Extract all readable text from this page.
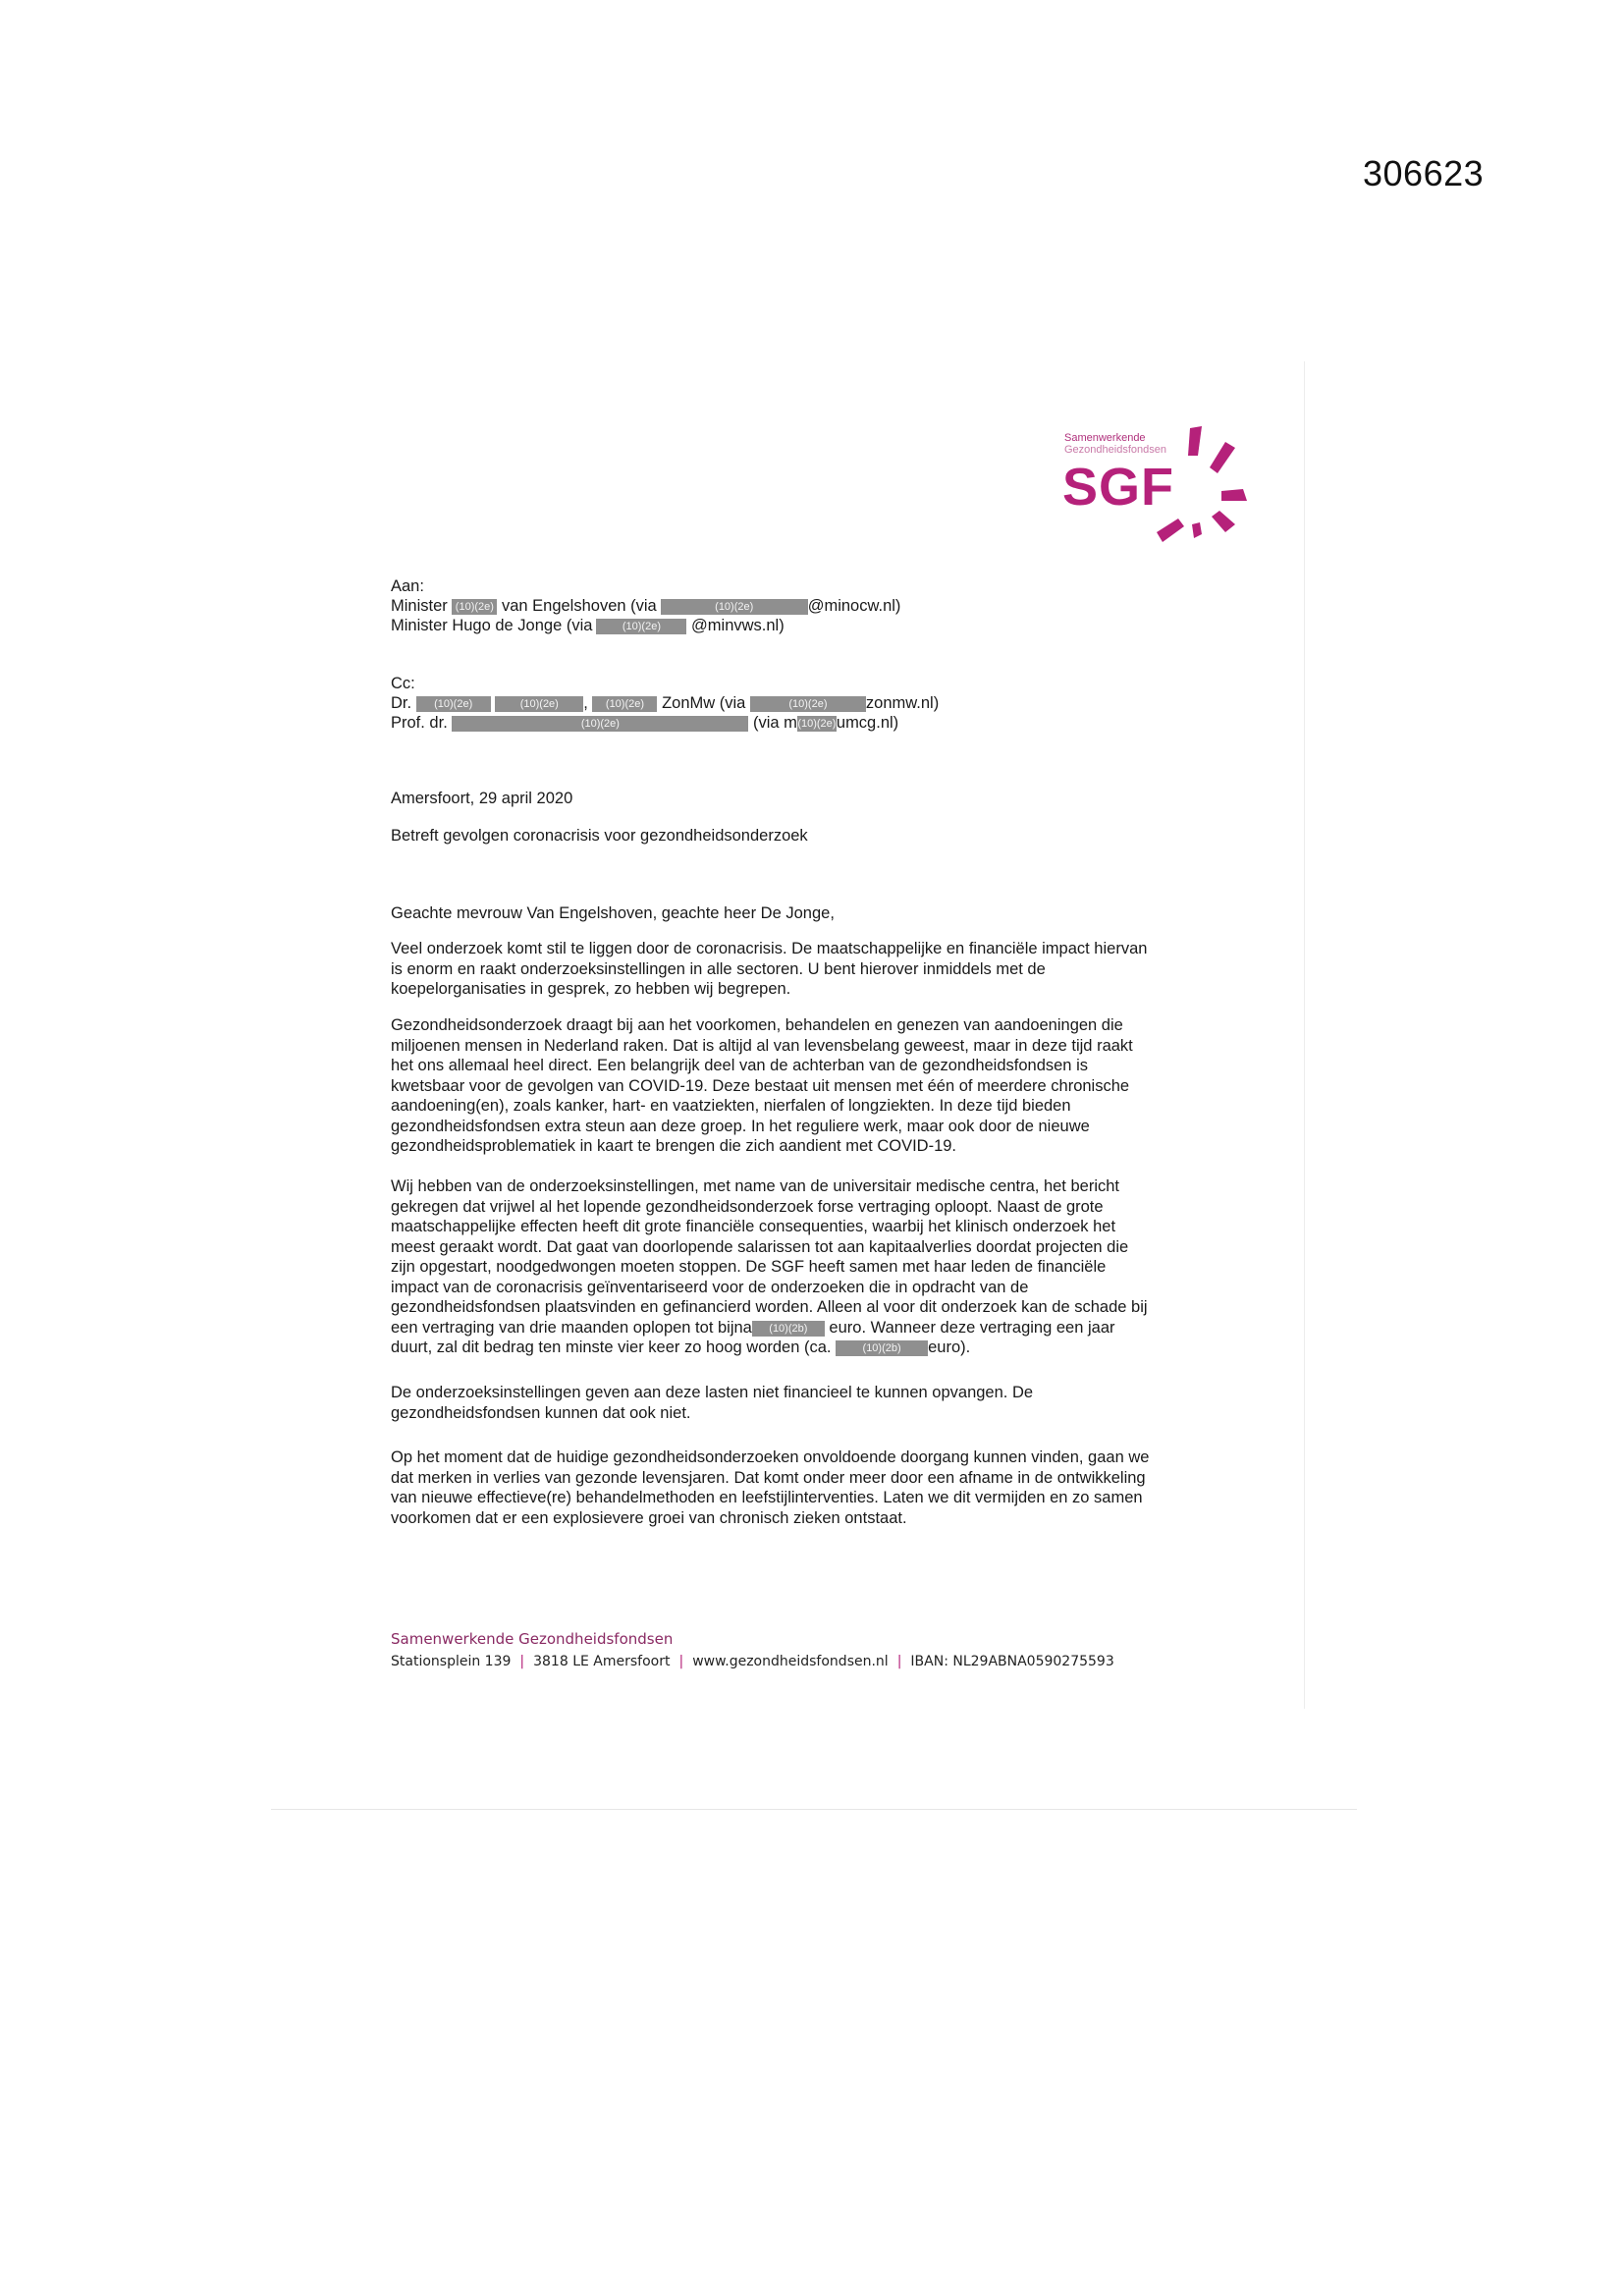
306623
Samenwerkende
Gezondheidsfondsen
SGF
Aan:
Minister (10)(2e) van Engelshoven (via	(10)(2e)	@minocw.nl)
Minister Hugo de Jonge (via	(10)(2e) @minvws.nl)
Cc:
Dr. (10)(2e)	(10)(2e) , (10)(2e) ZonMw (via	(10)(2e) zonmw.nl)
Prof. dr.	(10)(2e)	(via m(10)(2e)umcg.nl)
Amersfoort, 29 april 2020
Betreft gevolgen coronacrisis voor gezondheidsonderzoek
Geachte mevrouw Van Engelshoven, geachte heer De Jonge,

Veel onderzoek komt stil te liggen door de coronacrisis. De maatschappelijke en financiële impact hiervan

is enorm en raakt onderzoeksinstellingen in alle sectoren. U bent hierover inmiddels met de

koepelorganisaties in gesprek, zo hebben wij begrepen.

Gezondheidsonderzoek draagt bij aan het voorkomen, behandelen en genezen van aandoeningen die

miljoenen mensen in Nederland raken. Dat is altijd al van levensbelang geweest, maar in deze tijd raakt

het ons allemaal heel direct. Een belangrijk deel van de achterban van de gezondheidsfondsen is

kwetsbaar voor de gevolgen van COVID-19. Deze bestaat uit mensen met één of meerdere chronische

aandoening(en), zoals kanker, hart- en vaatziekten, nierfalen of longziekten. In deze tijd bieden

gezondheidsfondsen extra steun aan deze groep. In het reguliere werk, maar ook door de nieuwe

gezondheidsproblematiek in kaart te brengen die zich aandient met COVID-19.

Wij hebben van de onderzoeksinstellingen, met name van de universitair medische centra, het bericht

gekregen dat vrijwel al het lopende gezondheidsonderzoek forse vertraging oploopt. Naast de grote

maatschappelijke effecten heeft dit grote financiële consequenties, waarbij het klinisch onderzoek het

meest geraakt wordt. Dat gaat van doorlopende salarissen tot aan kapitaalverlies doordat projecten die

zijn opgestart, noodgedwongen moeten stoppen. De SGF heeft samen met haar leden de financiële

impact van de coronacrisis geïnventariseerd voor de onderzoeken die in opdracht van de

gezondheidsfondsen plaatsvinden en gefinancierd worden. Alleen al voor dit onderzoek kan de schade bij

een vertraging van drie maanden oplopen tot bijna (10)(2b) euro. Wanneer deze vertraging een jaar

duurt, zal dit bedrag ten minste vier keer zo hoog worden (ca.	(10)(2b) euro).

De onderzoeksinstellingen geven aan deze lasten niet financieel te kunnen opvangen. De

gezondheidsfondsen kunnen dat ook niet.

Op het moment dat de huidige gezondheidsonderzoeken onvoldoende doorgang kunnen vinden, gaan we

dat merken in verlies van gezonde levensjaren. Dat komt onder meer door een afname in de ontwikkeling

van nieuwe effectieve(re) behandelmethoden en leefstijlinterventies. Laten we dit vermijden en zo samen

voorkomen dat er een explosievere groei van chronisch zieken ontstaat.

Samenwerkende Gezondheidsfondsen
Stationsplein 139 | 3818 LE Amersfoort | www.gezondheidsfondsen.nl | IBAN: NL29ABNA0590275593
